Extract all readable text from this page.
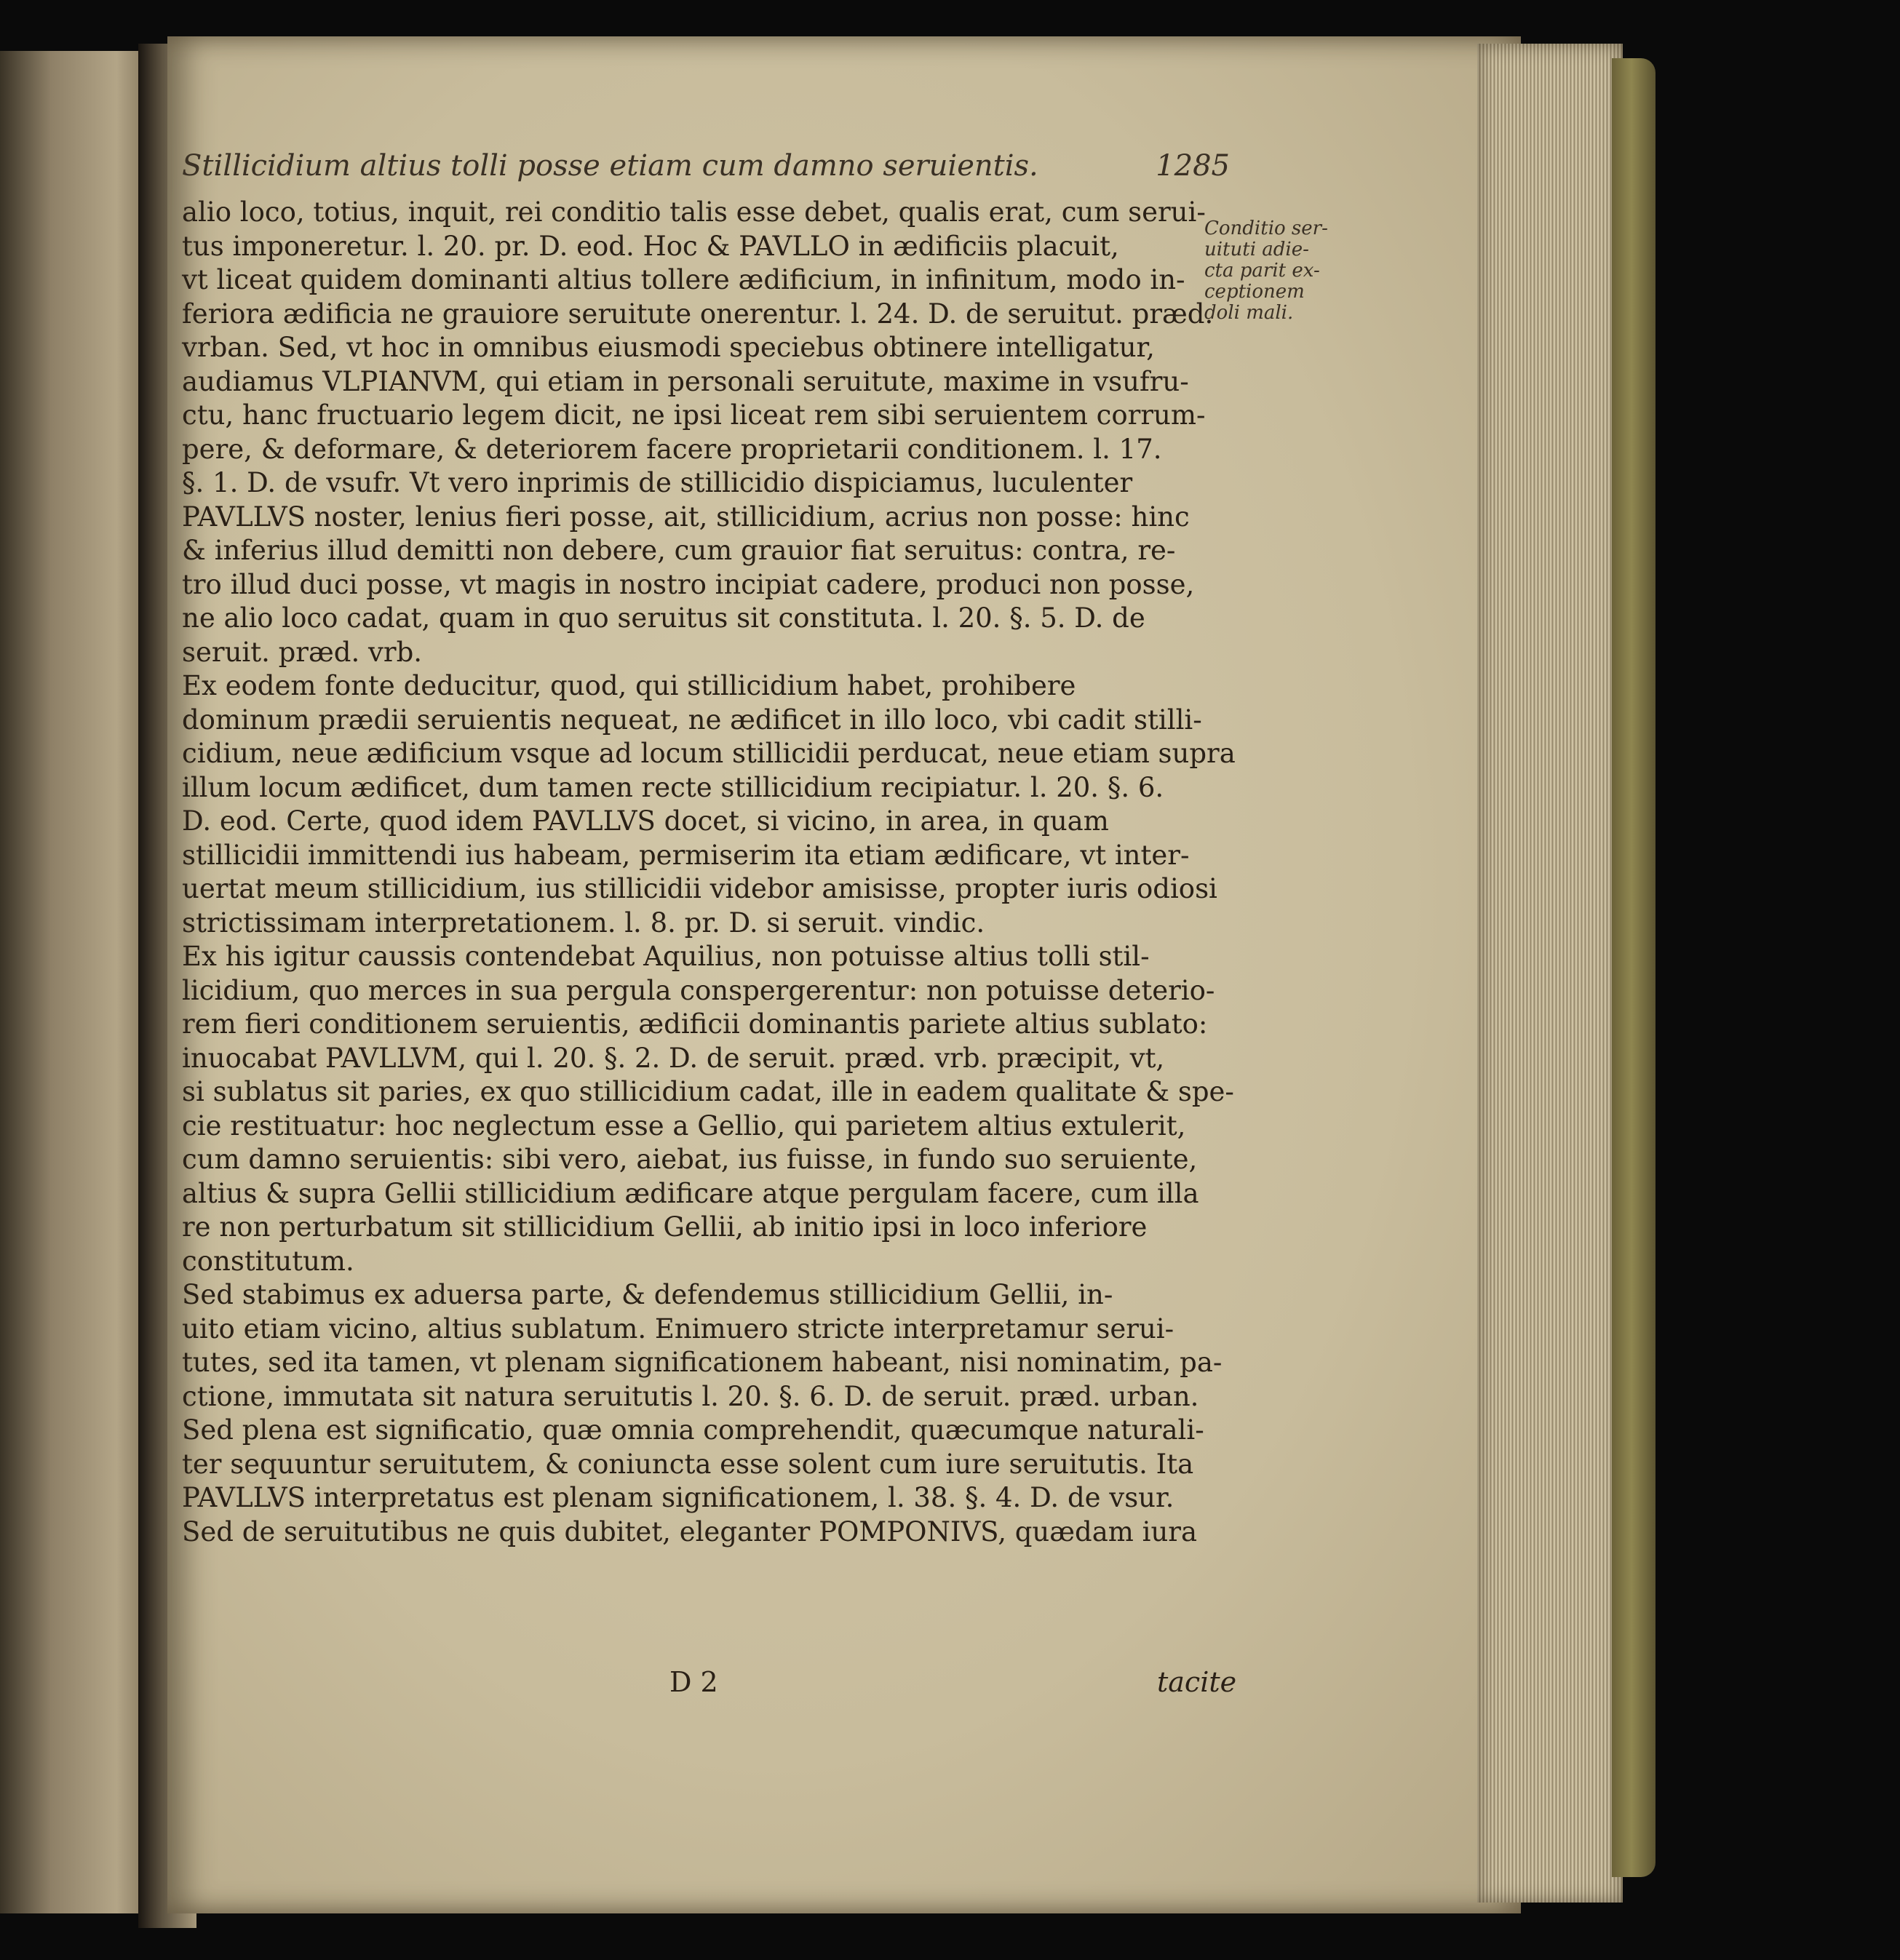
Stillicidium altius tolli posse etiam cum damno seruientis.	1285
alio loco, totius, inquit, rei conditio talis esse debet, qualis erat, cum serui-
tus imponeretur. l. 20. pr. D. eod. Hoc & PAVLLO in ædificiis placuit,
vt liceat quidem dominanti altius tollere ædificium, in infinitum, modo in-
feriora ædificia ne grauiore seruitute onerentur. l. 24. D. de seruitut. præd.
vrban. Sed, vt hoc in omnibus eiusmodi speciebus obtinere intelligatur,
audiamus VLPIANVM, qui etiam in personali seruitute, maxime in vsufru-
ctu, hanc fructuario legem dicit, ne ipsi liceat rem sibi seruientem corrum-
pere, & deformare, & deteriorem facere proprietarii conditionem. l. 17.
§. 1. D. de vsufr. Vt vero inprimis de stillicidio dispiciamus, luculenter
PAVLLVS noster, lenius fieri posse, ait, stillicidium, acrius non posse: hinc
& inferius illud demitti non debere, cum grauior fiat seruitus: contra, re-
tro illud duci posse, vt magis in nostro incipiat cadere, produci non posse,
ne alio loco cadat, quam in quo seruitus sit constituta. l. 20. §. 5. D. de
seruit. præd. vrb.
Ex eodem fonte deducitur, quod, qui stillicidium habet, prohibere
dominum prædii seruientis nequeat, ne ædificet in illo loco, vbi cadit stilli-
cidium, neue ædificium vsque ad locum stillicidii perducat, neue etiam supra
illum locum ædificet, dum tamen recte stillicidium recipiatur. l. 20. §. 6.
D. eod. Certe, quod idem PAVLLVS docet, si vicino, in area, in quam
stillicidii immittendi ius habeam, permiserim ita etiam ædificare, vt inter-
uertat meum stillicidium, ius stillicidii videbor amisisse, propter iuris odiosi
strictissimam interpretationem. l. 8. pr. D. si seruit. vindic.
Ex his igitur caussis contendebat Aquilius, non potuisse altius tolli stil-
licidium, quo merces in sua pergula conspergerentur: non potuisse deterio-
rem fieri conditionem seruientis, ædificii dominantis pariete altius sublato:
inuocabat PAVLLVM, qui l. 20. §. 2. D. de seruit. præd. vrb. præcipit, vt,
si sublatus sit paries, ex quo stillicidium cadat, ille in eadem qualitate & spe-
cie restituatur: hoc neglectum esse a Gellio, qui parietem altius extulerit,
cum damno seruientis: sibi vero, aiebat, ius fuisse, in fundo suo seruiente,
altius & supra Gellii stillicidium ædificare atque pergulam facere, cum illa
re non perturbatum sit stillicidium Gellii, ab initio ipsi in loco inferiore
constitutum.
Sed stabimus ex aduersa parte, & defendemus stillicidium Gellii, in-
uito etiam vicino, altius sublatum. Enimuero stricte interpretamur serui-
tutes, sed ita tamen, vt plenam significationem habeant, nisi nominatim, pa-
ctione, immutata sit natura seruitutis l. 20. §. 6. D. de seruit. præd. urban.
Sed plena est significatio, quæ omnia comprehendit, quæcumque naturali-
ter sequuntur seruitutem, & coniuncta esse solent cum iure seruitutis. Ita
PAVLLVS interpretatus est plenam significationem, l. 38. §. 4. D. de vsur.
Sed de seruitutibus ne quis dubitet, eleganter POMPONIVS, quædam iura
Conditio ser-
uituti adie-
cta parit ex-
ceptionem
doli mali.
D 2	tacite
